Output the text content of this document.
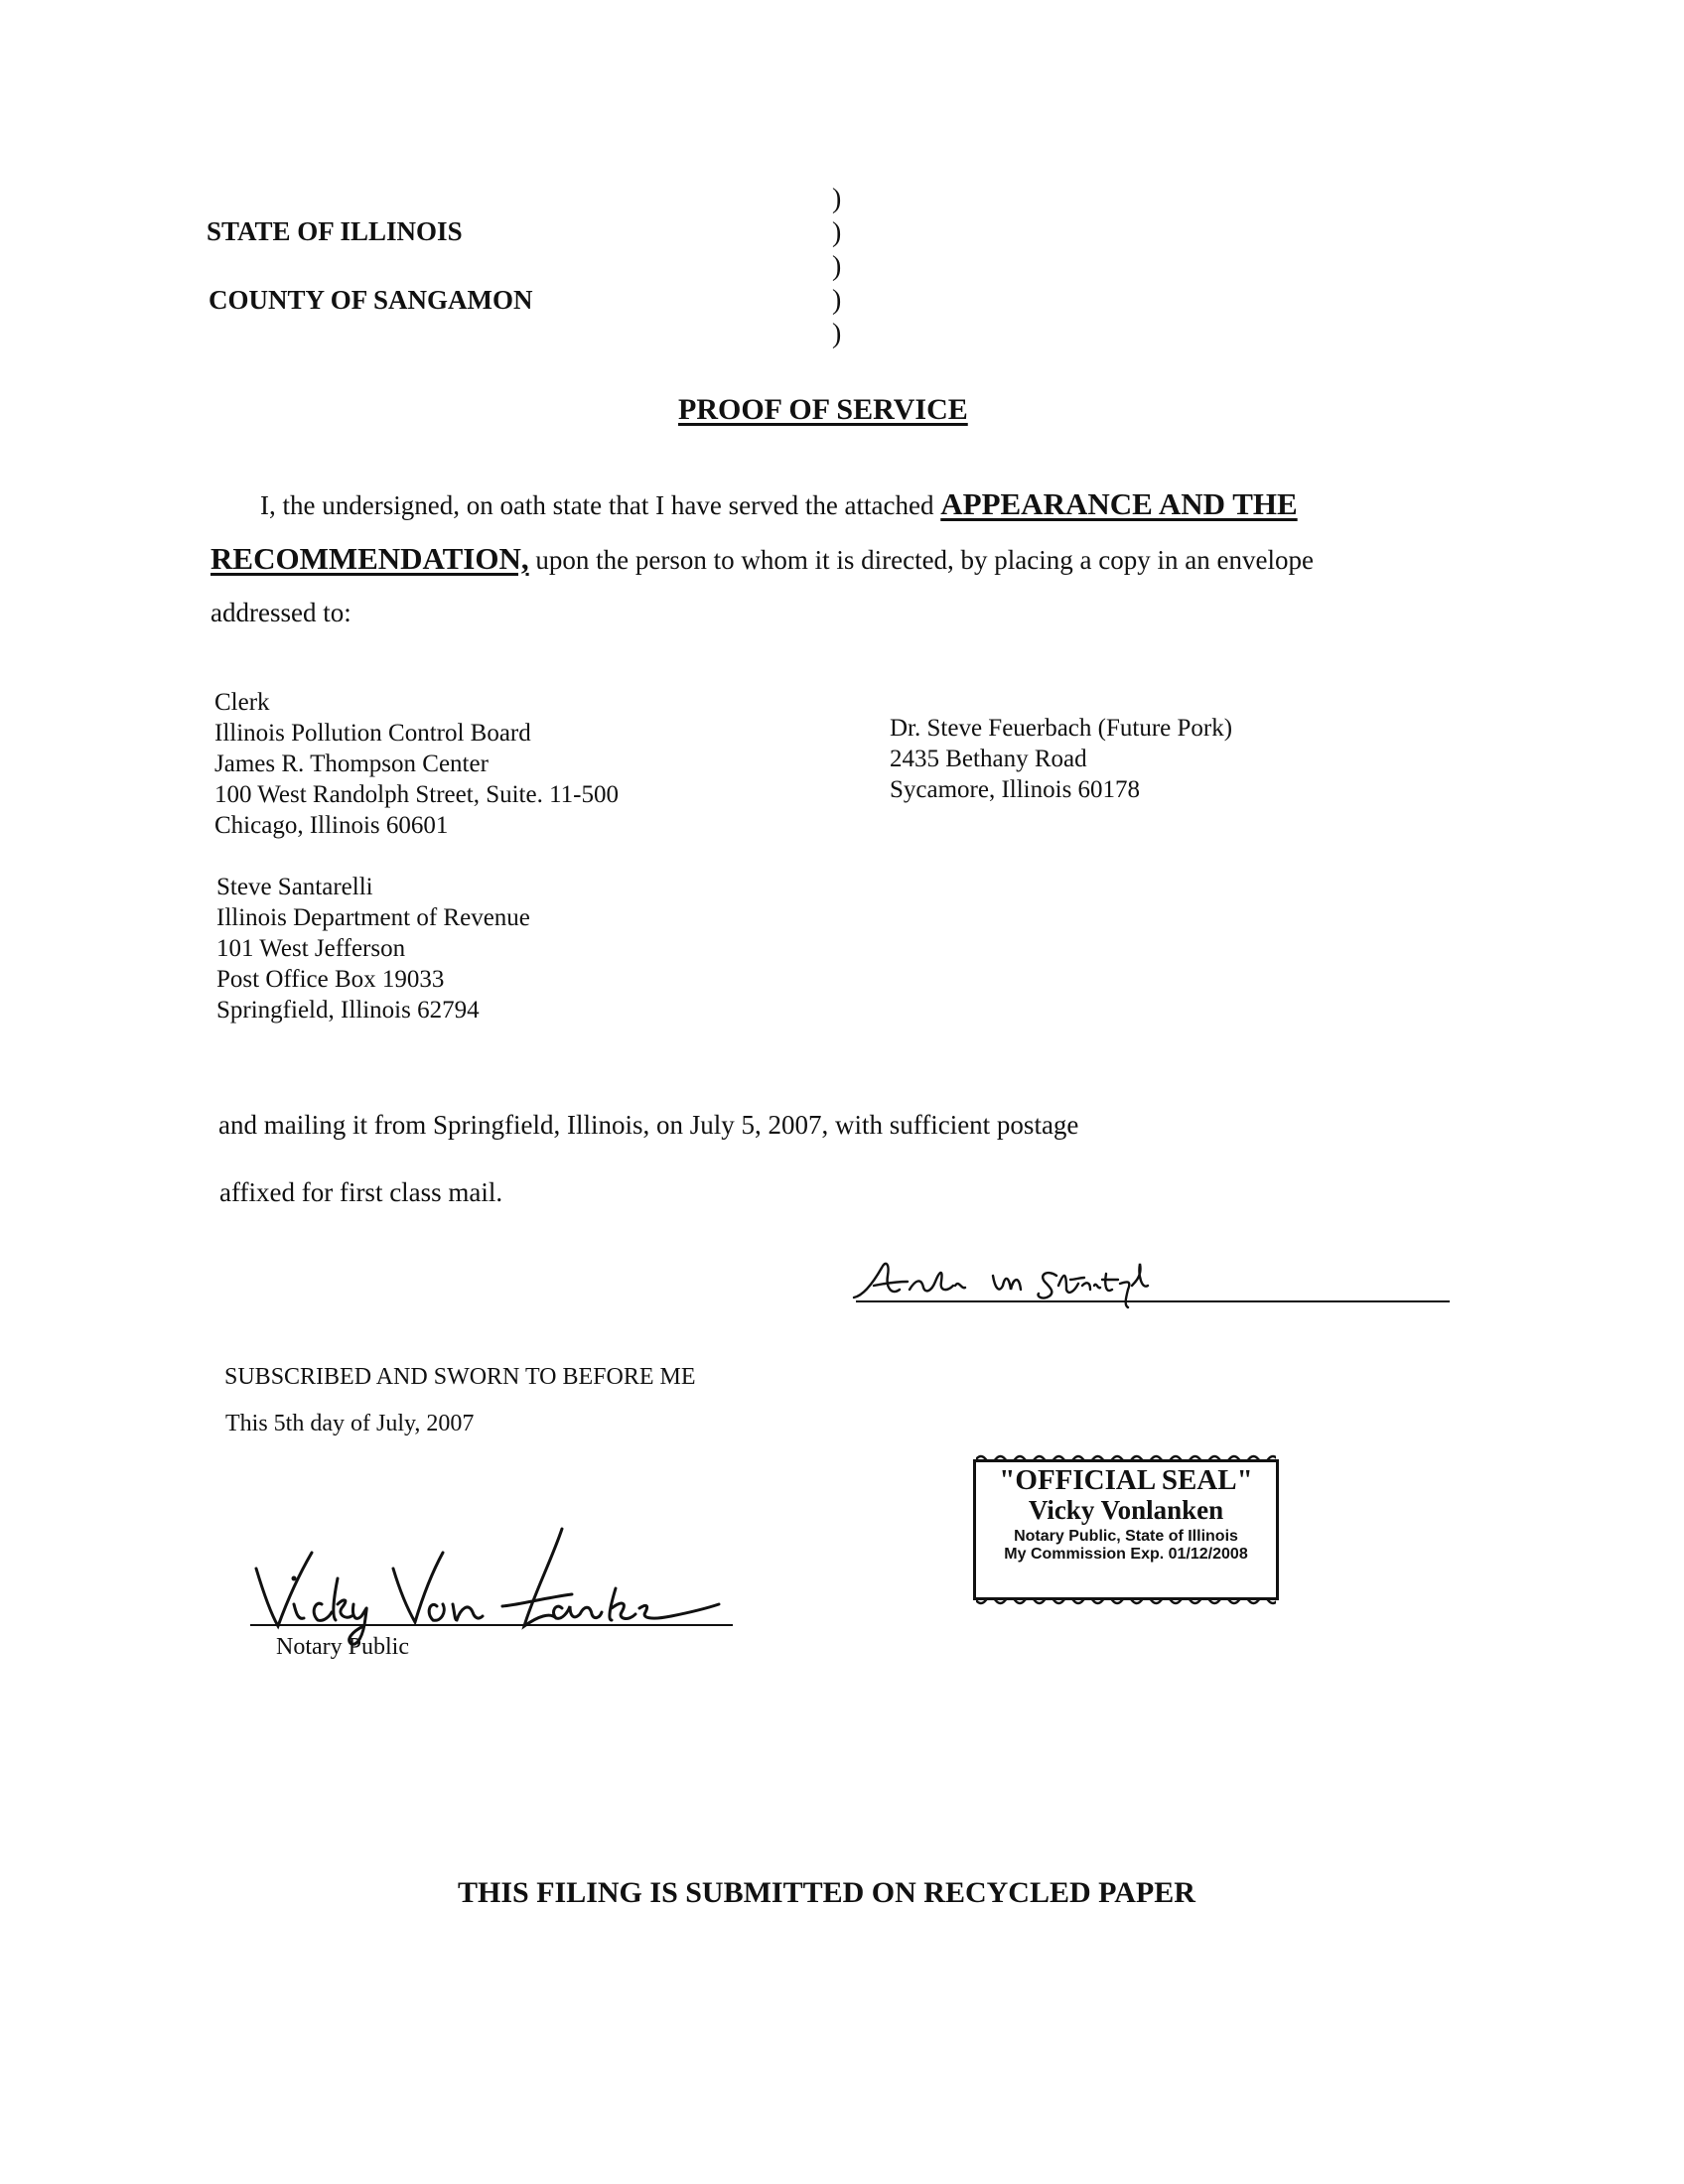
STATE OF ILLINOIS
COUNTY OF SANGAMON
)
)
)
)
)
PROOF OF SERVICE
I, the undersigned, on oath state that I have served the attached APPEARANCE AND THE
RECOMMENDATION, upon the person to whom it is directed, by placing a copy in an envelope
addressed to:
Clerk
Illinois Pollution Control Board
James R. Thompson Center
100 West Randolph Street, Suite. 11-500
Chicago, Illinois 60601
Dr. Steve Feuerbach (Future Pork)
2435 Bethany Road
Sycamore, Illinois 60178
Steve Santarelli
Illinois Department of Revenue
101 West Jefferson
Post Office Box 19033
Springfield, Illinois 62794
and mailing it from Springfield, Illinois, on July 5, 2007, with sufficient postage
affixed for first class mail.
SUBSCRIBED AND SWORN TO BEFORE ME
This 5th day of July, 2007
"OFFICIAL SEAL"
Vicky Vonlanken
Notary Public, State of Illinois
My Commission Exp. 01/12/2008
Notary Public
THIS FILING IS SUBMITTED ON RECYCLED PAPER
